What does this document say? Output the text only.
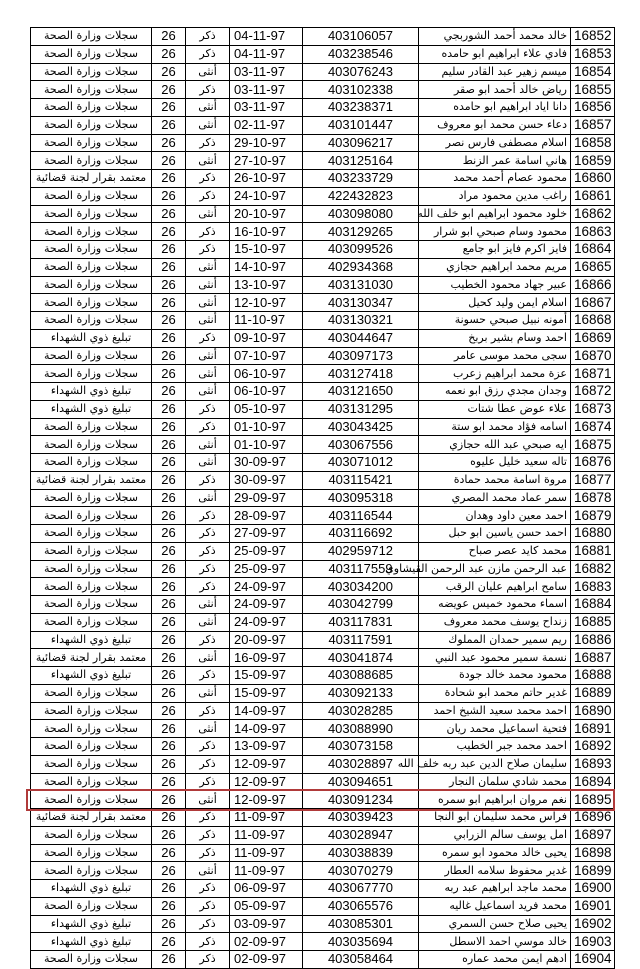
سجلات وزارة الصحة	26	ذكر	04-11-97	403106057	خالد محمد أحمد الشوربجي	16852
سجلات وزارة الصحة	26	ذكر	04-11-97	403238546	فادي علاء ابراهيم ابو حامده	16853
سجلات وزارة الصحة	26	أنثى	03-11-97	403076243	ميسم زهير عبد القادر سليم	16854
سجلات وزارة الصحة	26	ذكر	03-11-97	403102338	رياض خالد أحمد ابو صقر	16855
سجلات وزارة الصحة	26	أنثى	03-11-97	403238371	دانا اياد ابراهيم ابو حامده	16856
سجلات وزارة الصحة	26	أنثى	02-11-97	403101447	دعاء حسن محمد ابو معروف	16857
سجلات وزارة الصحة	26	ذكر	29-10-97	403096217	اسلام مصطفى فارس نصر	16858
سجلات وزارة الصحة	26	أنثى	27-10-97	403125164	هاني اسامة عمر الزنط	16859
معتمد بقرار لجنة قضائية	26	ذكر	26-10-97	403233729	محمود عصام أحمد محمد	16860
سجلات وزارة الصحة	26	ذكر	24-10-97	422432823	راغب مدين محمود مراد	16861
سجلات وزارة الصحة	26	أنثى	20-10-97	403098080	خلود محمود ابراهيم ابو خلف الله	16862
سجلات وزارة الصحة	26	ذكر	16-10-97	403129265	محمود وسام صبحي ابو شرار	16863
سجلات وزارة الصحة	26	ذكر	15-10-97	403099526	فايز اكرم فايز ابو جامع	16864
سجلات وزارة الصحة	26	أنثى	14-10-97	402934368	مريم محمد ابراهيم حجازي	16865
سجلات وزارة الصحة	26	أنثى	13-10-97	403131030	عبير جهاد محمود الخطيب	16866
سجلات وزارة الصحة	26	أنثى	12-10-97	403130347	اسلام ايمن وليد كحيل	16867
سجلات وزارة الصحة	26	أنثى	11-10-97	403130321	أمونه نبيل صبحي حسونة	16868
تبليغ ذوي الشهداء	26	ذكر	09-10-97	403044647	احمد وسام بشير بربخ	16869
سجلات وزارة الصحة	26	أنثى	07-10-97	403097173	سجى محمد موسى عامر	16870
سجلات وزارة الصحة	26	أنثى	06-10-97	403127418	عزة محمد ابراهيم زعرب	16871
تبليغ ذوي الشهداء	26	أنثى	06-10-97	403121650	وجدان مجدي رزق ابو نعمه	16872
تبليغ ذوي الشهداء	26	ذكر	05-10-97	403131295	علاء عوض عطا شتات	16873
سجلات وزارة الصحة	26	ذكر	01-10-97	403043425	اسامه فؤاد محمد ابو ستة	16874
سجلات وزارة الصحة	26	أنثى	01-10-97	403067556	ايه صبحي عبد الله حجازي	16875
سجلات وزارة الصحة	26	أنثى	30-09-97	403071012	تاله سعيد خليل عليوه	16876
معتمد بقرار لجنة قضائية	26	ذكر	30-09-97	403115421	مروة اسامة محمد حمادة	16877
سجلات وزارة الصحة	26	أنثى	29-09-97	403095318	سمر عماد محمد المصري	16878
سجلات وزارة الصحة	26	ذكر	28-09-97	403116544	احمد معين داود وهدان	16879
سجلات وزارة الصحة	26	ذكر	27-09-97	403116692	احمد حسن ياسين ابو حبل	16880
سجلات وزارة الصحة	26	ذكر	25-09-97	402959712	محمد كايد عصر صباح	16881
سجلات وزارة الصحة	26	ذكر	25-09-97	403117559	عبد الرحمن مازن عبد الرحمن القيشاوي	16882
سجلات وزارة الصحة	26	ذكر	24-09-97	403034200	سامح ابراهيم عليان الرقب	16883
سجلات وزارة الصحة	26	أنثى	24-09-97	403042799	اسماء محمود خميس عويضه	16884
سجلات وزارة الصحة	26	أنثى	24-09-97	403117831	زنداح يوسف محمد معروف	16885
تبليغ ذوي الشهداء	26	ذكر	20-09-97	403117591	ريم سمير حمدان المملوك	16886
معتمد بقرار لجنة قضائية	26	أنثى	16-09-97	403041874	نسمة سمير محمود عبد النبي	16887
تبليغ ذوي الشهداء	26	ذكر	15-09-97	403088685	محمود محمد خالد جودة	16888
سجلات وزارة الصحة	26	أنثى	15-09-97	403092133	غدير حاتم محمد ابو شحادة	16889
سجلات وزارة الصحة	26	ذكر	14-09-97	403028285	احمد محمد سعيد الشيخ احمد	16890
سجلات وزارة الصحة	26	أنثى	14-09-97	403088990	فتحية اسماعيل محمد ريان	16891
سجلات وزارة الصحة	26	ذكر	13-09-97	403073158	احمد محمد جبر الخطيب	16892
سجلات وزارة الصحة	26	ذكر	12-09-97	403028897	سليمان صلاح الدين عبد ربه خلف الله	16893
سجلات وزارة الصحة	26	ذكر	12-09-97	403094651	محمد شادي سلمان النجار	16894
سجلات وزارة الصحة	26	أنثى	12-09-97	403091234	نغم مروان ابراهيم ابو سمره	16895
معتمد بقرار لجنة قضائية	26	ذكر	11-09-97	403039423	فراس محمد سليمان ابو النجا	16896
سجلات وزارة الصحة	26	ذكر	11-09-97	403028947	امل يوسف سالم الزرابي	16897
سجلات وزارة الصحة	26	ذكر	11-09-97	403038839	يحيى خالد محمود ابو سمره	16898
سجلات وزارة الصحة	26	أنثى	11-09-97	403070279	غدير محفوظ سلامه العطار	16899
تبليغ ذوي الشهداء	26	ذكر	06-09-97	403067770	محمد ماجد ابراهيم عبد ربه	16900
سجلات وزارة الصحة	26	ذكر	05-09-97	403065576	محمد فريد اسماعيل غاليه	16901
تبليغ ذوي الشهداء	26	ذكر	03-09-97	403085301	يحيى صلاح حسن السمري	16902
تبليغ ذوي الشهداء	26	ذكر	02-09-97	403035694	خالد موسي احمد الاسطل	16903
سجلات وزارة الصحة	26	ذكر	02-09-97	403058464	ادهم ايمن محمد عماره	16904
